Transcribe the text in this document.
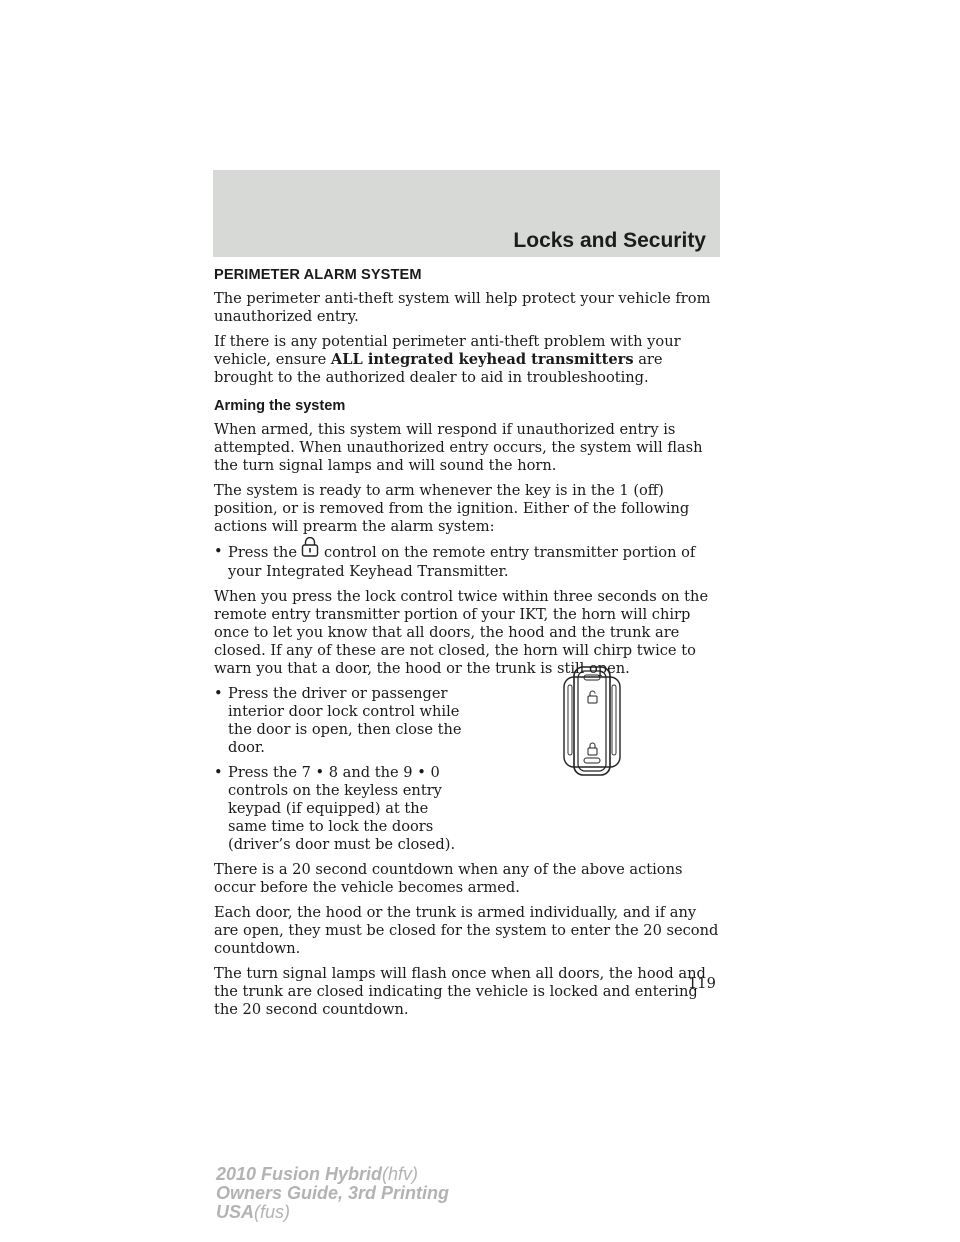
Locks and Security
PERIMETER ALARM SYSTEM

The perimeter anti-theft system will help protect your vehicle from unauthorized entry.

If there is any potential perimeter anti-theft problem with your vehicle, ensure ALL integrated keyhead transmitters are brought to the authorized dealer to aid in troubleshooting.

Arming the system

When armed, this system will respond if unauthorized entry is attempted. When unauthorized entry occurs, the system will flash the turn signal lamps and will sound the horn.

The system is ready to arm whenever the key is in the 1 (off) position, or is removed from the ignition. Either of the following actions will prearm the alarm system:

• Press the control on the remote entry transmitter portion of your Integrated Keyhead Transmitter.

When you press the lock control twice within three seconds on the remote entry transmitter portion of your IKT, the horn will chirp once to let you know that all doors, the hood and the trunk are closed. If any of these are not closed, the horn will chirp twice to warn you that a door, the hood or the trunk is still open.

• Press the driver or passenger interior door lock control while the door is open, then close the door.
• Press the 7 • 8 and the 9 • 0 controls on the keyless entry keypad (if equipped) at the same time to lock the doors (driver’s door must be closed).

There is a 20 second countdown when any of the above actions occur before the vehicle becomes armed.

Each door, the hood or the trunk is armed individually, and if any are open, they must be closed for the system to enter the 20 second countdown.

The turn signal lamps will flash once when all doors, the hood and the trunk are closed indicating the vehicle is locked and entering the 20 second countdown.

119
2010 Fusion Hybrid(hfv)
Owners Guide, 3rd Printing
USA(fus)
